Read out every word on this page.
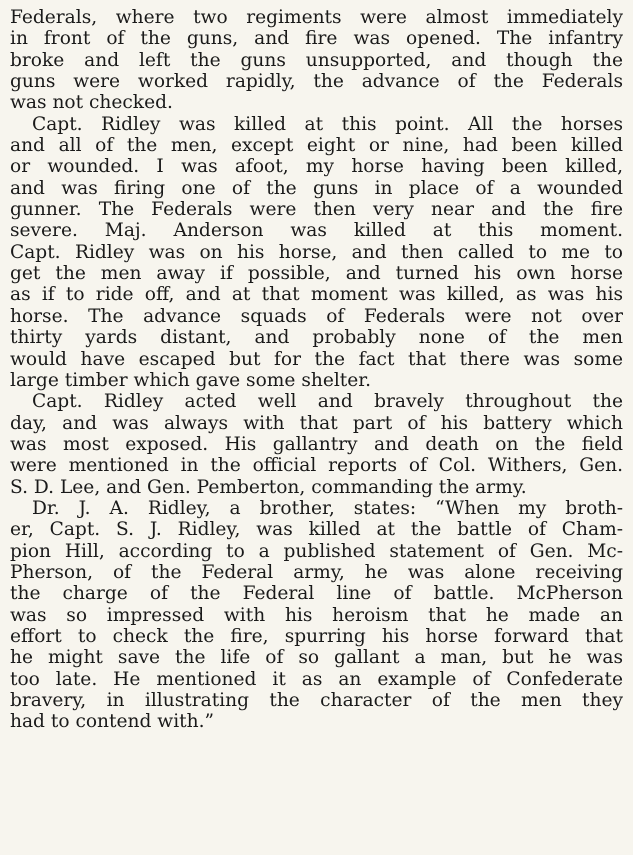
Federals, where two regiments were almost immediately
in front of the guns, and fire was opened. The infantry
broke and left the guns unsupported, and though the
guns were worked rapidly, the advance of the Federals
was not checked.
Capt. Ridley was killed at this point. All the horses
and all of the men, except eight or nine, had been killed
or wounded. I was afoot, my horse having been killed,
and was firing one of the guns in place of a wounded
gunner. The Federals were then very near and the fire
severe. Maj. Anderson was killed at this moment.
Capt. Ridley was on his horse, and then called to me to
get the men away if possible, and turned his own horse
as if to ride off, and at that moment was killed, as was his
horse. The advance squads of Federals were not over
thirty yards distant, and probably none of the men
would have escaped but for the fact that there was some
large timber which gave some shelter.
Capt. Ridley acted well and bravely throughout the
day, and was always with that part of his battery which
was most exposed. His gallantry and death on the field
were mentioned in the official reports of Col. Withers, Gen.
S. D. Lee, and Gen. Pemberton, commanding the army.
Dr. J. A. Ridley, a brother, states: “When my broth-
er, Capt. S. J. Ridley, was killed at the battle of Cham-
pion Hill, according to a published statement of Gen. Mc-
Pherson, of the Federal army, he was alone receiving
the charge of the Federal line of battle. McPherson
was so impressed with his heroism that he made an
effort to check the fire, spurring his horse forward that
he might save the life of so gallant a man, but he was
too late. He mentioned it as an example of Confederate
bravery, in illustrating the character of the men they
had to contend with.”
